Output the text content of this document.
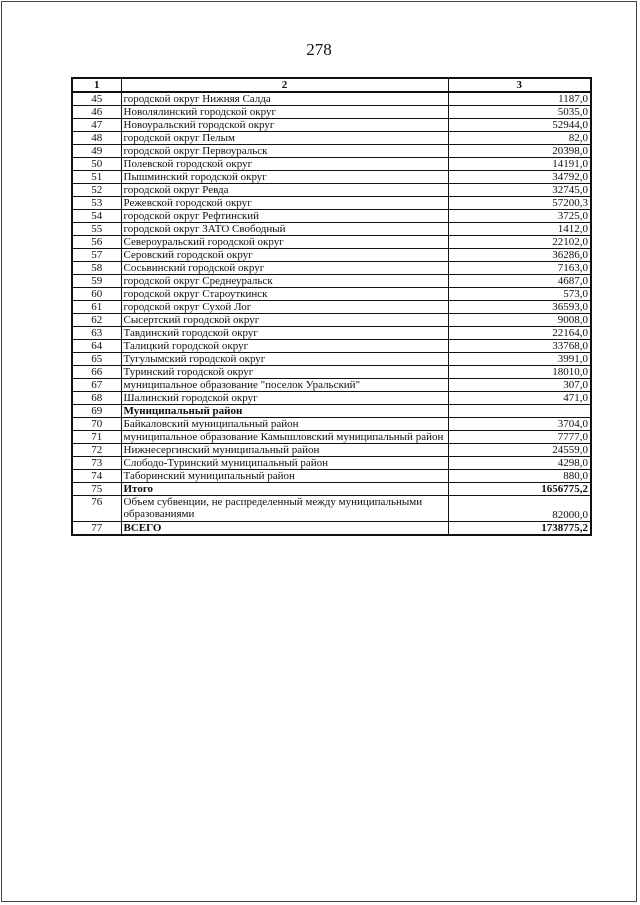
278
1	2	3
45	городской округ Нижняя Салда	1187,0
46	Новолялинский городской округ	5035,0
47	Новоуральский городской округ	52944,0
48	городской округ Пелым	82,0
49	городской округ Первоуральск	20398,0
50	Полевской городской округ	14191,0
51	Пышминский городской округ	34792,0
52	городской округ Ревда	32745,0
53	Режевской городской округ	57200,3
54	городской округ Рефтинский	3725,0
55	городской округ ЗАТО Свободный	1412,0
56	Североуральский городской округ	22102,0
57	Серовский городской округ	36286,0
58	Сосьвинский городской округ	7163,0
59	городской округ Среднеуральск	4687,0
60	городской округ Староуткинск	573,0
61	городской округ Сухой Лог	36593,0
62	Сысертский городской округ	9008,0
63	Тавдинский городской округ	22164,0
64	Талицкий городской округ	33768,0
65	Тугулымский городской округ	3991,0
66	Туринский городской округ	18010,0
67	муниципальное образование "поселок Уральский"	307,0
68	Шалинский городской округ	471,0
69	Муниципальный район	
70	Байкаловский муниципальный район	3704,0
71	муниципальное образование Камышловский муниципальный район	7777,0
72	Нижнесергинский муниципальный район	24559,0
73	Слободо-Туринский муниципальный район	4298,0
74	Таборинский муниципальный район	880,0
75	Итого	1656775,2
76	Объем субвенции, не распределенный между муниципальными образованиями	82000,0
77	ВСЕГО	1738775,2
